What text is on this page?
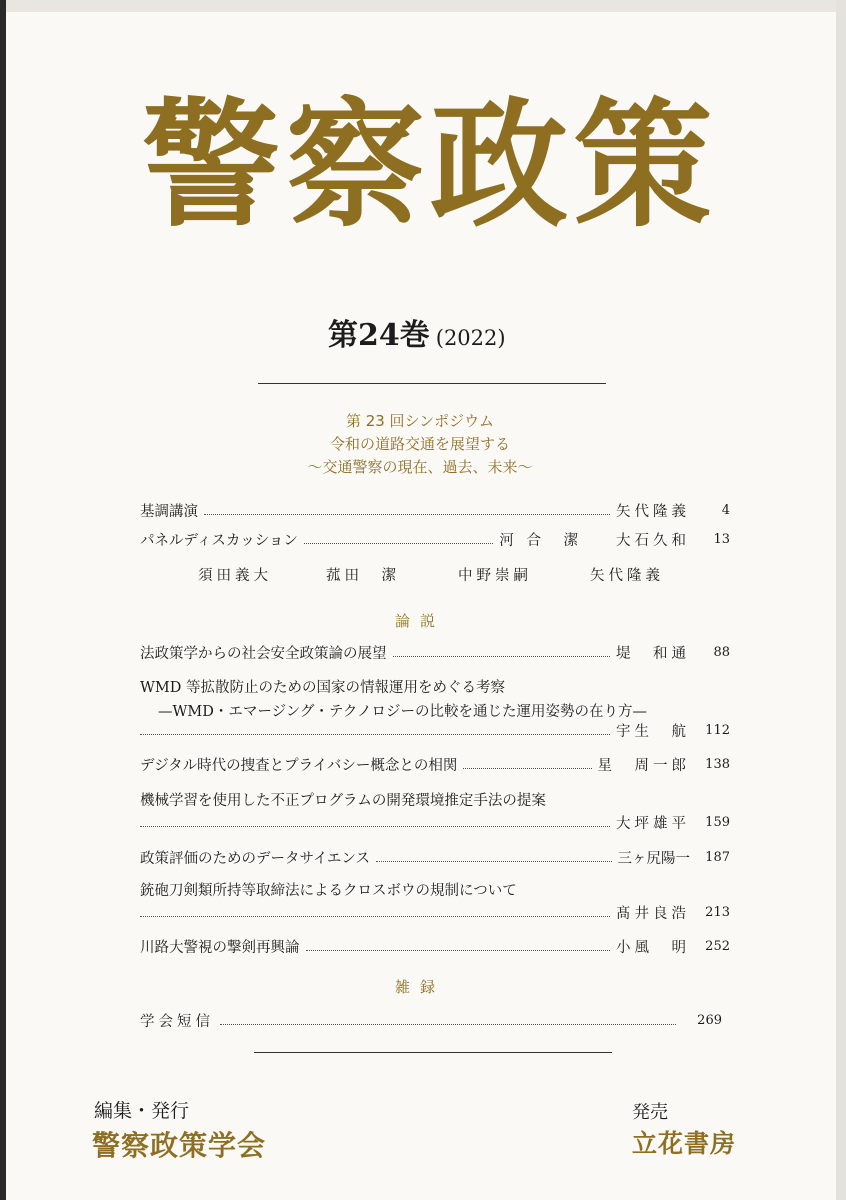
警察政策
第24巻 (2022)
第 23 回シンポジウム
令和の道路交通を展望する
～交通警察の現在、過去、未来～
基調講演	矢代隆義	4
パネルディスカッション	河 合　潔 大石久和	13
須田義大	菰田　潔	中野崇嗣	矢代隆義
論説
法政策学からの社会安全政策論の展望	堤　和通	88
WMD 等拡散防止のための国家の情報運用をめぐる考察
—WMD・エマージング・テクノロジーの比較を通じた運用姿勢の在り方—
宇生　航	112
デジタル時代の捜査とプライバシー概念との相関	星　周一郎	138
機械学習を使用した不正プログラムの開発環境推定手法の提案
大坪雄平	159
政策評価のためのデータサイエンス	三ヶ尻陽一	187
銃砲刀剣類所持等取締法によるクロスボウの規制について
髙井良浩	213
川路大警視の撃剣再興論	小風　明	252
雑録
学会短信	269
編集・発行
警察政策学会
発売
立花書房
